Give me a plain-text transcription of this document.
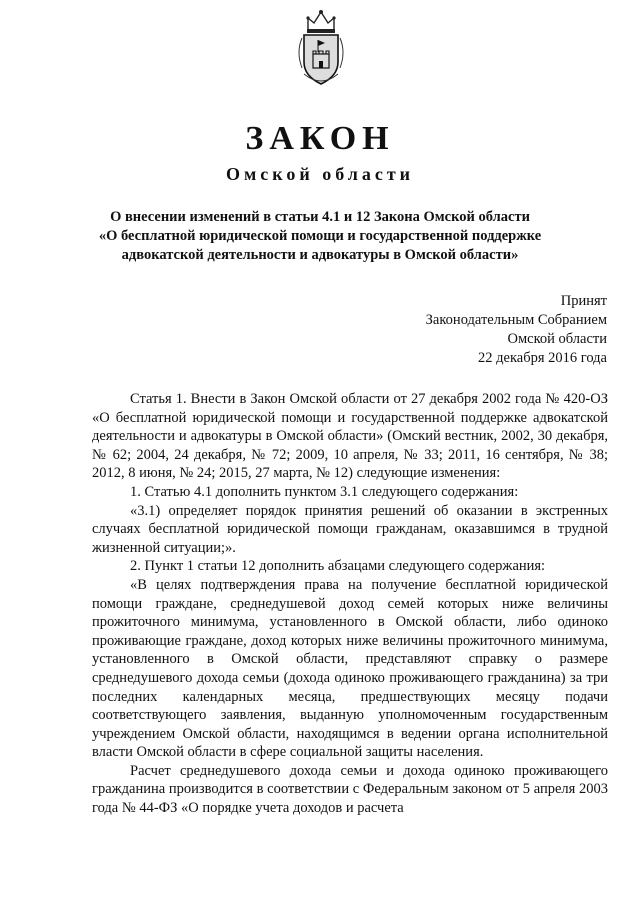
ЗАКОН
Омской области
О внесении изменений в статьи 4.1 и 12 Закона Омской области
«О бесплатной юридической помощи и государственной поддержке
адвокатской деятельности и адвокатуры в Омской области»
Принят
Законодательным Собранием
Омской области
22 декабря 2016 года

Статья 1. Внести в Закон Омской области от 27 декабря 2002 года № 420-ОЗ «О бесплатной юридической помощи и государственной поддержке адвокатской деятельности и адвокатуры в Омской области» (Омский вестник, 2002, 30 декабря, № 62; 2004, 24 декабря, № 72; 2009, 10 апреля, № 33; 2011, 16 сентября, № 38; 2012, 8 июня, № 24; 2015, 27 марта, № 12) следующие изменения:

1. Статью 4.1 дополнить пунктом 3.1 следующего содержания:

«3.1) определяет порядок принятия решений об оказании в экстренных случаях бесплатной юридической помощи гражданам, оказавшимся в трудной жизненной ситуации;».

2. Пункт 1 статьи 12 дополнить абзацами следующего содержания:

«В целях подтверждения права на получение бесплатной юридической помощи граждане, среднедушевой доход семей которых ниже величины прожиточного минимума, установленного в Омской области, либо одиноко проживающие граждане, доход которых ниже величины прожиточного минимума, установленного в Омской области, представляют справку о размере среднедушевого дохода семьи (дохода одиноко проживающего гражданина) за три последних календарных месяца, предшествующих месяцу подачи соответствующего заявления, выданную уполномоченным государственным учреждением Омской области, находящимся в ведении органа исполнительной власти Омской области в сфере социальной защиты населения.

Расчет среднедушевого дохода семьи и дохода одиноко проживающего гражданина производится в соответствии с Федеральным законом от 5 апреля 2003 года № 44-ФЗ «О порядке учета доходов и расчета
